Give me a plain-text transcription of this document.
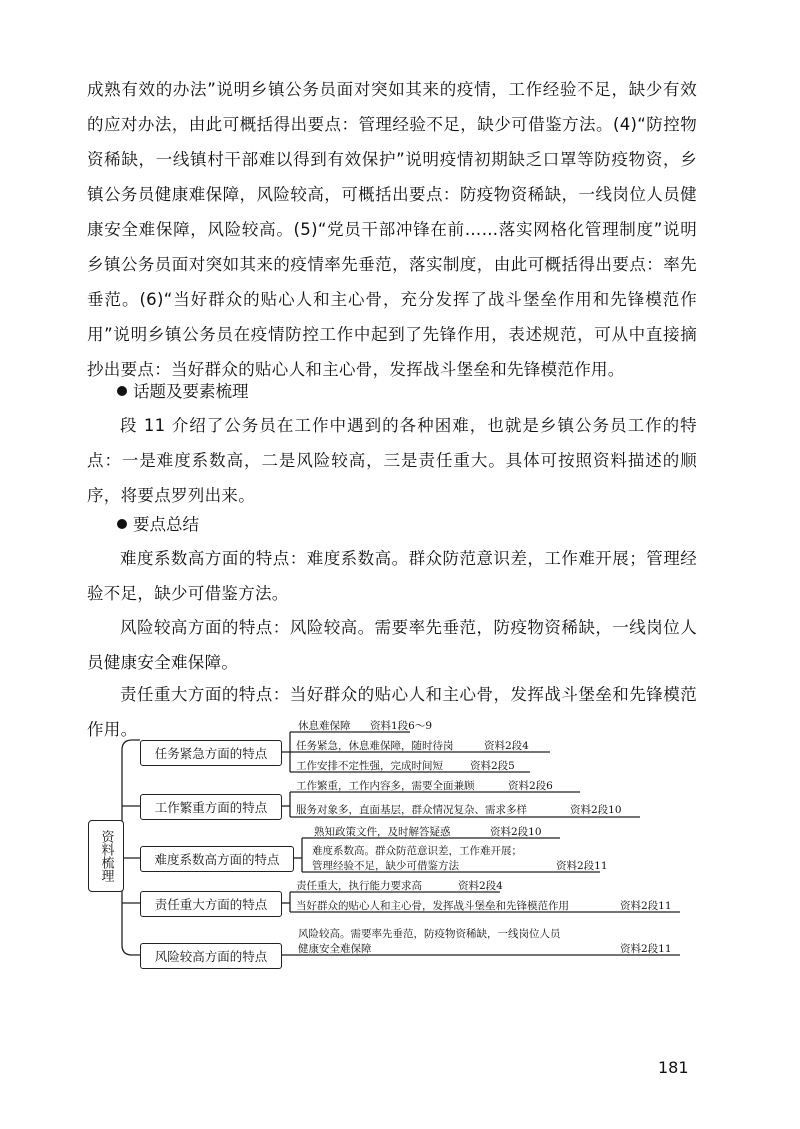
成熟有效的办法”说明乡镇公务员面对突如其来的疫情，工作经验不足，缺少有效的应对办法，由此可概括得出要点：管理经验不足，缺少可借鉴方法。(4)“防控物资稀缺，一线镇村干部难以得到有效保护”说明疫情初期缺乏口罩等防疫物资，乡镇公务员健康难保障，风险较高，可概括出要点：防疫物资稀缺，一线岗位人员健康安全难保障，风险较高。(5)“党员干部冲锋在前……落实网格化管理制度”说明乡镇公务员面对突如其来的疫情率先垂范，落实制度，由此可概括得出要点：率先垂范。(6)“当好群众的贴心人和主心骨，充分发挥了战斗堡垒作用和先锋模范作用”说明乡镇公务员在疫情防控工作中起到了先锋作用，表述规范，可从中直接摘抄出要点：当好群众的贴心人和主心骨，发挥战斗堡垒和先锋模范作用。
话题及要素梳理
段 11 介绍了公务员在工作中遇到的各种困难，也就是乡镇公务员工作的特点：一是难度系数高，二是风险较高，三是责任重大。具体可按照资料描述的顺序，将要点罗列出来。
要点总结
难度系数高方面的特点：难度系数高。群众防范意识差，工作难开展；管理经验不足，缺少可借鉴方法。
风险较高方面的特点：风险较高。需要率先垂范，防疫物资稀缺，一线岗位人员健康安全难保障。
责任重大方面的特点：当好群众的贴心人和主心骨，发挥战斗堡垒和先锋模范作用。
资料梳理
任务紧急方面的特点
工作繁重方面的特点
难度系数高方面的特点
责任重大方面的特点
风险较高方面的特点
休息难保障 资料1段6～9
任务紧急，休息难保障，随时待岗	资料2段4
工作安排不定性强，完成时间短	资料2段5
工作繁重，工作内容多，需要全面兼顾	资料2段6
服务对象多，直面基层，群众情况复杂、需求多样	资料2段10
熟知政策文件，及时解答疑惑	资料2段10
难度系数高。群众防范意识差，工作难开展；
管理经验不足，缺少可借鉴方法	资料2段11
责任重大，执行能力要求高	资料2段4
当好群众的贴心人和主心骨，发挥战斗堡垒和先锋模范作用	资料2段11
风险较高。需要率先垂范，防疫物资稀缺，一线岗位人员
健康安全难保障	资料2段11
181
